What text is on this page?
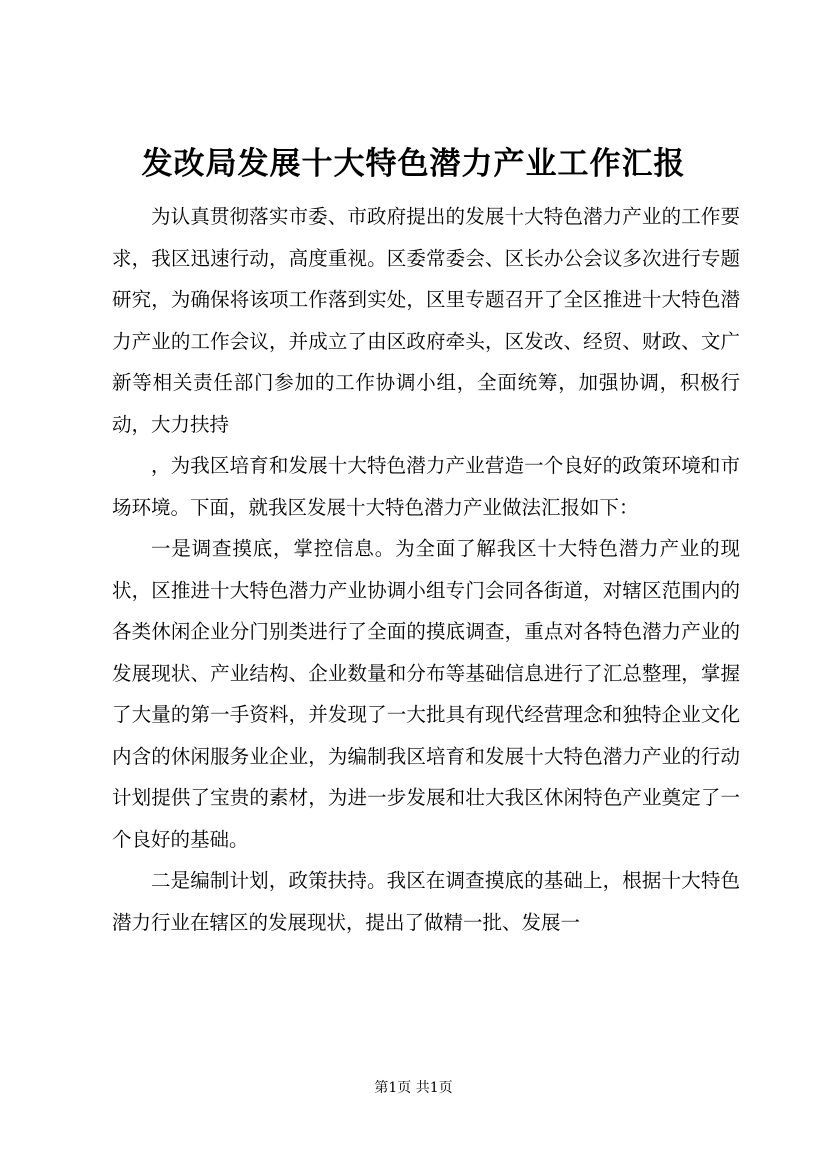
发改局发展十大特色潜力产业工作汇报

为认真贯彻落实市委、市政府提出的发展十大特色潜力产业的工作要求，我区迅速行动，高度重视。区委常委会、区长办公会议多次进行专题研究，为确保将该项工作落到实处，区里专题召开了全区推进十大特色潜力产业的工作会议，并成立了由区政府牵头，区发改、经贸、财政、文广新等相关责任部门参加的工作协调小组，全面统筹，加强协调，积极行动，大力扶持

，为我区培育和发展十大特色潜力产业营造一个良好的政策环境和市场环境。下面，就我区发展十大特色潜力产业做法汇报如下：

一是调查摸底，掌控信息。为全面了解我区十大特色潜力产业的现状，区推进十大特色潜力产业协调小组专门会同各街道，对辖区范围内的各类休闲企业分门别类进行了全面的摸底调查，重点对各特色潜力产业的发展现状、产业结构、企业数量和分布等基础信息进行了汇总整理，掌握了大量的第一手资料，并发现了一大批具有现代经营理念和独特企业文化内含的休闲服务业企业，为编制我区培育和发展十大特色潜力产业的行动计划提供了宝贵的素材，为进一步发展和壮大我区休闲特色产业奠定了一个良好的基础。

二是编制计划，政策扶持。我区在调查摸底的基础上，根据十大特色潜力行业在辖区的发展现状，提出了做精一批、发展一

第1页 共1页
